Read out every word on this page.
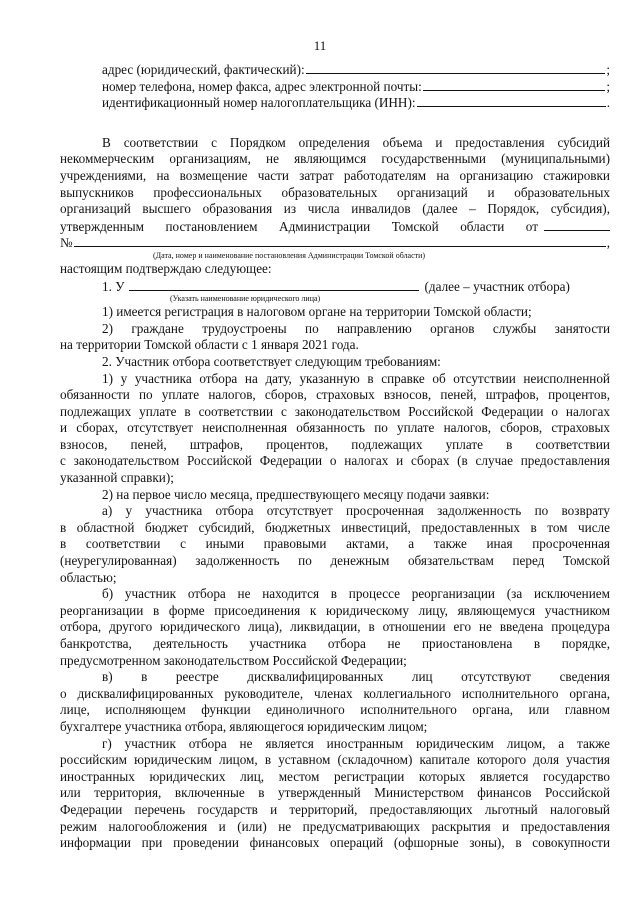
11
адрес (юридический, фактический):	;
номер телефона, номер факса, адрес электронной почты:	;
идентификационный номер налогоплательщика (ИНН):	.
В соответствии с Порядком определения объема и предоставления субсидий
некоммерческим организациям, не являющимся государственными (муниципальными)
учреждениями, на возмещение части затрат работодателям на организацию стажировки
выпускников профессиональных образовательных организаций и образовательных
организаций высшего образования из числа инвалидов (далее – Порядок, субсидия),
утвержденным постановлением Администрации Томской области от
№	,
(Дата, номер и наименование постановления Администрации Томской области)
настоящим подтверждаю следующее:
1. У	(далее – участник отбора)
(Указать наименование юридического лица)
1) имеется регистрация в налоговом органе на территории Томской области;
2) граждане трудоустроены по направлению органов службы занятости
на территории Томской области с 1 января 2021 года.
2. Участник отбора соответствует следующим требованиям:
1) у участника отбора на дату, указанную в справке об отсутствии неисполненной
обязанности по уплате налогов, сборов, страховых взносов, пеней, штрафов, процентов,
подлежащих уплате в соответствии с законодательством Российской Федерации о налогах
и сборах, отсутствует неисполненная обязанность по уплате налогов, сборов, страховых
взносов, пеней, штрафов, процентов, подлежащих уплате в соответствии
с законодательством Российской Федерации о налогах и сборах (в случае предоставления
указанной справки);
2) на первое число месяца, предшествующего месяцу подачи заявки:
а) у участника отбора отсутствует просроченная задолженность по возврату
в областной бюджет субсидий, бюджетных инвестиций, предоставленных в том числе
в соответствии с иными правовыми актами, а также иная просроченная
(неурегулированная) задолженность по денежным обязательствам перед Томской
областью;
б) участник отбора не находится в процессе реорганизации (за исключением
реорганизации в форме присоединения к юридическому лицу, являющемуся участником
отбора, другого юридического лица), ликвидации, в отношении его не введена процедура
банкротства, деятельность участника отбора не приостановлена в порядке,
предусмотренном законодательством Российской Федерации;
в) в реестре дисквалифицированных лиц отсутствуют сведения
о дисквалифицированных руководителе, членах коллегиального исполнительного органа,
лице, исполняющем функции единоличного исполнительного органа, или главном
бухгалтере участника отбора, являющегося юридическим лицом;
г) участник отбора не является иностранным юридическим лицом, а также
российским юридическим лицом, в уставном (складочном) капитале которого доля участия
иностранных юридических лиц, местом регистрации которых является государство
или территория, включенные в утвержденный Министерством финансов Российской
Федерации перечень государств и территорий, предоставляющих льготный налоговый
режим налогообложения и (или) не предусматривающих раскрытия и предоставления
информации при проведении финансовых операций (офшорные зоны), в совокупности
